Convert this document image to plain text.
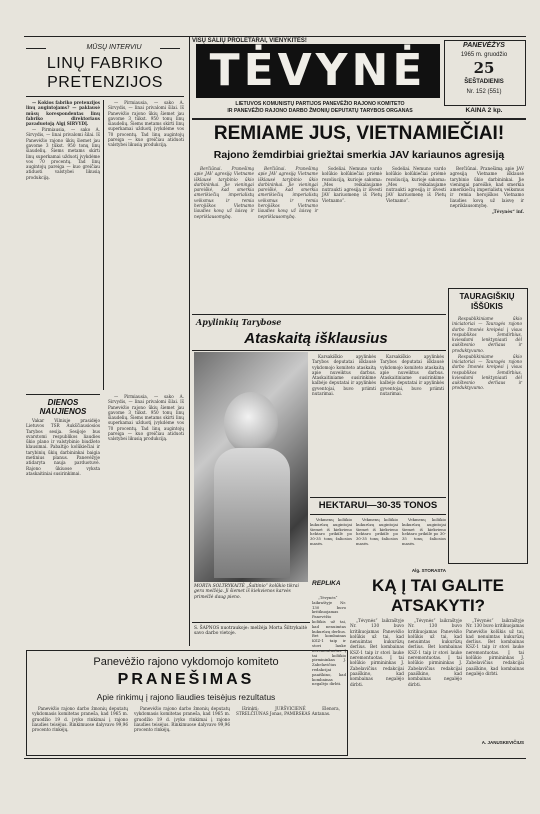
MŪSŲ INTERVIU
LINŲ FABRIKO PRETENZIJOS

— Kokios fabriko pretenzijos linų augintojams? — paklausė mūsų korespondentas linų fabriko direktoriaus pavaduotoją Algį SIRVYDĮ.

— Pirmiausia, — sako A. Sirvydis, — linai privalomi šilai. Iš Panevėžio rajono ūkių šiemet jau gavome 3 tūkst. 950 tonų linų šiaudelių. Šiems metams skirti linų superkamai užduotį įvykdėme vos 70 procentų. Tad linų augintojų pareiga — kuo greičiau atiduoti valstybei likusią produkciją.

— Pirmiausia, — sako A. Sirvydis, — linai privalomi šilai. Iš Panevėžio rajono ūkių šiemet jau gavome 3 tūkst. 950 tonų linų šiaudelių. Šiems metams skirti linų superkamai užduotį įvykdėme vos 70 procentų. Tad linų augintojų pareiga — kuo greičiau atiduoti valstybei likusią produkciją.

DIENOS NAUJIENOS

Vakar Vilniuje prasidėjo Lietuvos TSR Aukščiausiosios Tarybos sesija. Sesijoje bus svarstomi respublikos liaudies ūkio plano ir valstybinio biudžeto klausimai. Pabaltijo kolūkiečiai ir tarybinių ūkių darbininkai baigia metinius planus. Panevėžyje atidaryta nauja parduotuvė. Rajono ūkiuose vyksta ataskaitiniai susirinkimai.

— Pirmiausia, — sako A. Sirvydis, — linai privalomi šilai. Iš Panevėžio rajono ūkių šiemet jau gavome 3 tūkst. 950 tonų linų šiaudelių. Šiems metams skirti linų superkamai užduotį įvykdėme vos 70 procentų. Tad linų augintojų pareiga — kuo greičiau atiduoti valstybei likusią produkciją.

VISŲ ŠALIŲ PROLETARAI, VIENYKITĖS!
TĖVYNĖ
LIETUVOS KOMUNISTŲ PARTIJOS PANEVĖŽIO RAJONO KOMITETO
IR PANEVĖŽIO RAJONO DARBO ŽMONIŲ DEPUTATŲ TARYBOS ORGANAS
PANEVĖŽYS
1965 m. gruodžio
25
ŠEŠTADIENIS
Nr. 152 (551)
KAINA 2 kp.
REMIAME JUS, VIETNAMIEČIAI!
Rajono žemdirbiai griežtai smerkia JAV kariaunos agresiją

Berčiūnai. Pranešimą apie JAV agresiją Vietname išklausė tarybinio ūkio darbininkai. Jie vieningai pareiškė, kad smerkia amerikiečių imperialistų veiksmus ir remia herojiškos Vietnamo liaudies kovą už laisvę ir nepriklausomybę.

Berčiūnai. Pranešimą apie JAV agresiją Vietname išklausė tarybinio ūkio darbininkai. Jie vieningai pareiškė, kad smerkia amerikiečių imperialistų veiksmus ir remia herojiškos Vietnamo liaudies kovą už laisvę ir nepriklausomybę.

Sodeliai. Nemuno vardo kolūkio kolūkiečiai priėmė rezoliuciją, kurioje sakoma: „Mes reikalaujame nutraukti agresiją ir išvesti JAV kariuomenę iš Pietų Vietnamo“.

Sodeliai. Nemuno vardo kolūkio kolūkiečiai priėmė rezoliuciją, kurioje sakoma: „Mes reikalaujame nutraukti agresiją ir išvesti JAV kariuomenę iš Pietų Vietnamo“.

Berčiūnai. Pranešimą apie JAV agresiją Vietname išklausė tarybinio ūkio darbininkai. Jie vieningai pareiškė, kad smerkia amerikiečių imperialistų veiksmus ir remia herojiškos Vietnamo liaudies kovą už laisvę ir nepriklausomybę.

„Tėvynės“ inf.

TAURAGIŠKIŲ IŠŠŪKIS

Respublikiniame ūkio iniciatoriai — Tauragės rajono darbo žmonės kreipėsi į visus respublikos žemdirbius, kviesdami lenktyniauti dėl aukštesnio derliaus ir produktyvumo.

Respublikiniame ūkio iniciatoriai — Tauragės rajono darbo žmonės kreipėsi į visus respublikos žemdirbius, kviesdami lenktyniauti dėl aukštesnio derliaus ir produktyvumo.

Apylinkių Tarybose
Ataskaitą išklausius

Karsakiškio apylinkės Tarybos deputatai išklausė vykdomojo komiteto ataskaitą apie nuveiktus darbus. Ataskaitiniame susirinkime kalbėjo deputatai ir apylinkės gyventojai, buvo priimti nutarimai.

Karsakiškio apylinkės Tarybos deputatai išklausė vykdomojo komiteto ataskaitą apie nuveiktus darbus. Ataskaitiniame susirinkime kalbėjo deputatai ir apylinkės gyventojai, buvo priimti nutarimai.

HEKTARUI—30-35 TONOS

Vekmenų kolūkio kukurūzų augintojai šiemet iš kiekvieno hektaro prikūlė po 30-35 tonų žaliosios masės.

Vekmenų kolūkio kukurūzų augintojai šiemet iš kiekvieno hektaro prikūlė po 30-35 tonų žaliosios masės.

Vekmenų kolūkio kukurūzų augintojai šiemet iš kiekvieno hektaro prikūlė po 30-35 tonų žaliosios masės.

Alg. STORASTA
MORTA SOLTRYKAITĖ „Šaltinio“ kolūkio tikrai gera melžėja. Ji šiemet iš kiekvienos karvės primelžė daug pieno.
S. ŠAPNOS nuotraukoje: melžėja Morta Šiltrykaitė savo darbo vietoje.
REPLIKA	KĄ Į TAI GALITE ATSAKYTI?

„Tėvynės“ laikraštyje Nr. 130 buvo kritikuojamas Panevėžio kolūkis už tai, kad nenuimtas kukurūzų derlius. Bet kombainas KSZ-1 taip ir stovi lauke neremontuotas. Į tai kolūkio pirmininkas J. Zabelavičius redakcijai paaiškino, kad kombainas negalėjo dirbti.

„Tėvynės“ laikraštyje Nr. 130 buvo kritikuojamas Panevėžio kolūkis už tai, kad nenuimtas kukurūzų derlius. Bet kombainas KSZ-1 taip ir stovi lauke neremontuotas. Į tai kolūkio pirmininkas J. Zabelavičius redakcijai paaiškino, kad kombainas negalėjo dirbti.

„Tėvynės“ laikraštyje Nr. 130 buvo kritikuojamas Panevėžio kolūkis už tai, kad nenuimtas kukurūzų derlius. Bet kombainas KSZ-1 taip ir stovi lauke neremontuotas. Į tai kolūkio pirmininkas J. Zabelavičius redakcijai paaiškino, kad kombainas negalėjo dirbti.

„Tėvynės“ laikraštyje Nr. 130 buvo kritikuojamas Panevėžio kolūkis už tai, kad nenuimtas kukurūzų derlius. Bet kombainas KSZ-1 taip ir stovi lauke neremontuotas. Į tai kolūkio pirmininkas J. Zabelavičius redakcijai paaiškino, kad kombainas negalėjo dirbti.

A. JANUSKEVIČIUS
Panevėžio rajono vykdomojo komiteto
PRANEŠIMAS
Apie rinkimų į rajono liaudies teisėjus rezultatus

Panevėžio rajono darbo žmonių deputatų vykdomasis komitetas praneša, kad 1965 m. gruodžio 19 d. įvyko rinkimai į rajono liaudies teisėjus. Rinkimuose dalyvavo 99,96 procento rinkėjų.

Panevėžio rajono darbo žmonių deputatų vykdomasis komitetas praneša, kad 1965 m. gruodžio 19 d. įvyko rinkimai į rajono liaudies teisėjus. Rinkimuose dalyvavo 99,96 procento rinkėjų.

Išrinkti: JURŠVICIENĖ Elenora, STRELČIŪNAS Jonas, PAMIRSKAS Antanas.
